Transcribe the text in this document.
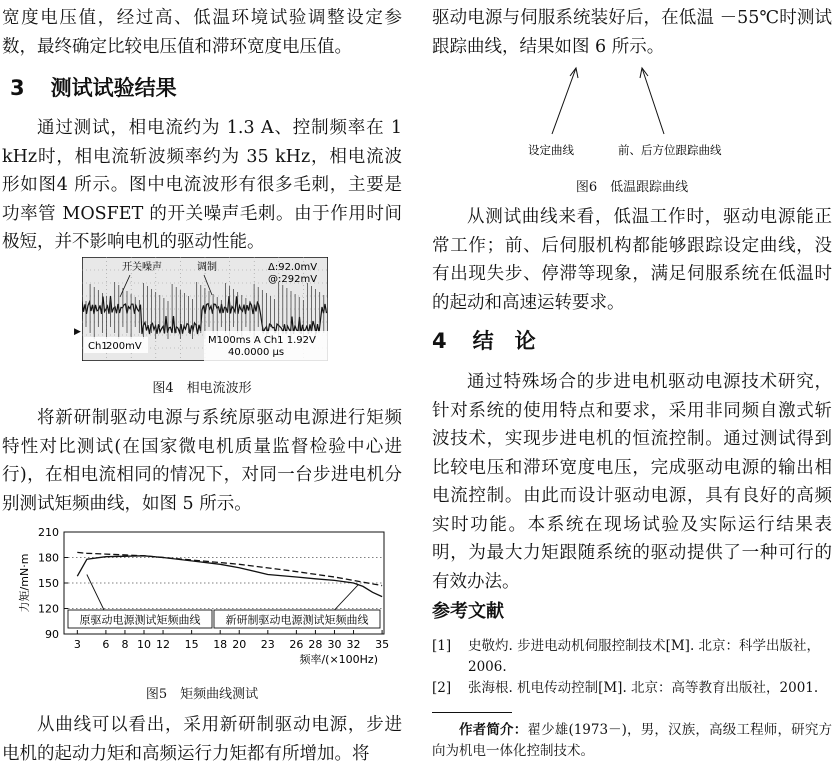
宽度电压值，经过高、低温环境试验调整设定参数，最终确定比较电压值和滞环宽度电压值。

3 测试试验结果

通过测试，相电流约为 1.3 A、控制频率在 1 kHz时，相电流斩波频率约为 35 kHz，相电流波形如图4 所示。图中电流波形有很多毛刺，主要是功率管 MOSFET 的开关噪声毛刺。由于作用时间极短，并不影响电机的驱动性能。

开关噪声	调制	Δ:92.0mV
@:292mV
Ch1
200mV
M100ms A Ch1 1.92V
40.0000 μs
▶

图4　相电流波形

将新研制驱动电源与系统原驱动电源进行矩频特性对比测试(在国家微电机质量监督检验中心进行)，在相电流相同的情况下，对同一台步进电机分别测试矩频曲线，如图 5 所示。

90
120
150
180
210
3 6 8 10 12 15 18 20 23 26 28 30 32 35
频率/(×100Hz)
力矩/mN·m
原驱动电源测试矩频曲线 新研制驱动电源测试矩频曲线

图5　矩频曲线测试

从曲线可以看出，采用新研制驱动电源，步进电机的起动力矩和高频运行力矩都有所增加。将

驱动电源与伺服系统装好后，在低温 －55℃时测试跟踪曲线，结果如图 6 所示。

设定曲线	前、后方位跟踪曲线

图6　低温跟踪曲线

从测试曲线来看，低温工作时，驱动电源能正常工作；前、后伺服机构都能够跟踪设定曲线，没有出现失步、停滞等现象，满足伺服系统在低温时的起动和高速运转要求。

4 结　论

通过特殊场合的步进电机驱动电源技术研究，针对系统的使用特点和要求，采用非同频自激式斩波技术，实现步进电机的恒流控制。通过测试得到比较电压和滞环宽度电压，完成驱动电源的输出相电流控制。由此而设计驱动电源，具有良好的高频实时功能。本系统在现场试验及实际运行结果表明，为最大力矩跟随系统的驱动提供了一种可行的有效办法。

参考文献
[1]	史敬灼. 步进电动机伺服控制技术[M]. 北京：科学出版社，2006.
[2]	张海根. 机电传动控制[M]. 北京：高等教育出版社，2001.

作者简介：翟少雄(1973－)，男，汉族，高级工程师，研究方向为机电一体化控制技术。
